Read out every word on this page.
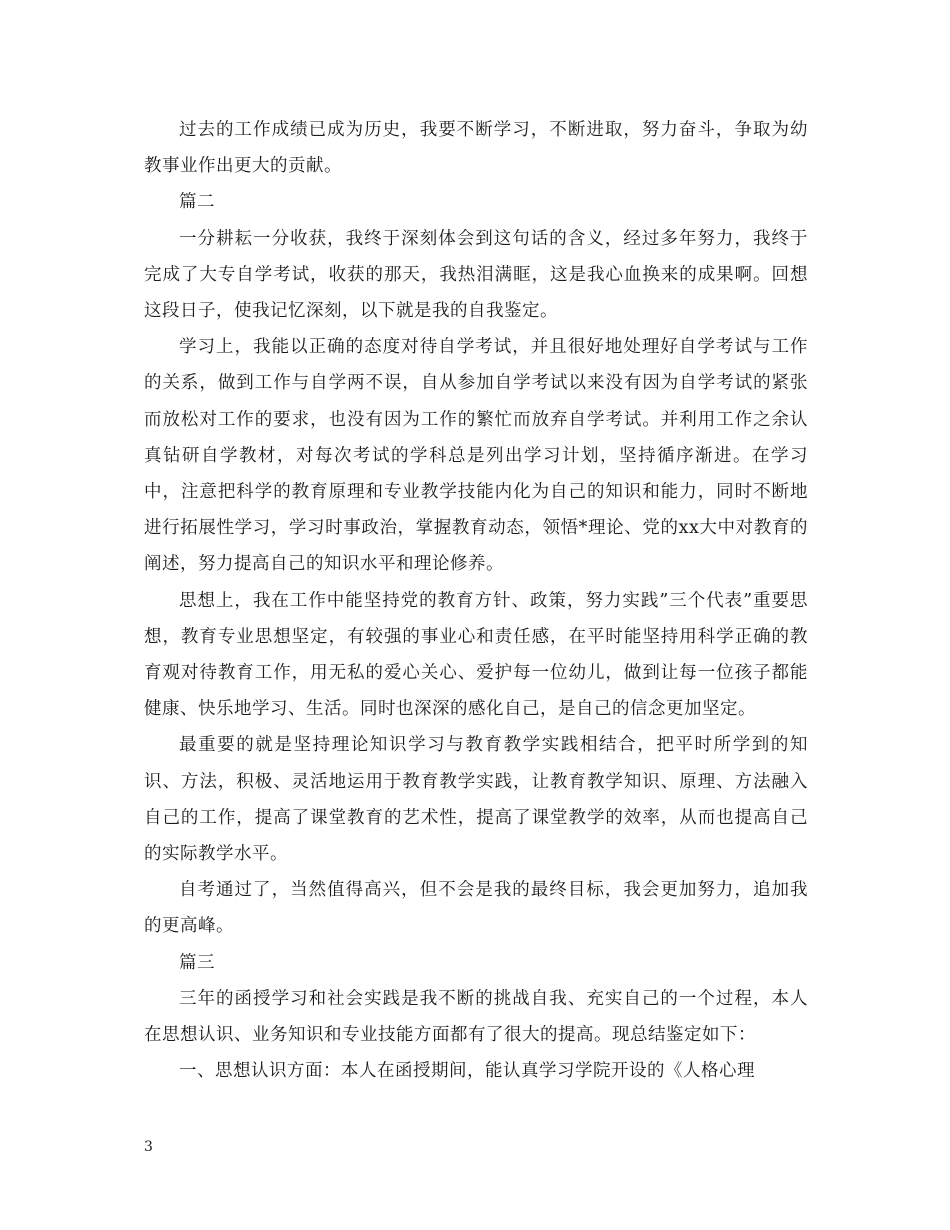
过去的工作成绩已成为历史，我要不断学习，不断进取，努力奋斗，争取为幼教事业作出更大的贡献。

篇二

一分耕耘一分收获，我终于深刻体会到这句话的含义，经过多年努力，我终于完成了大专自学考试，收获的那天，我热泪满眶，这是我心血换来的成果啊。回想这段日子，使我记忆深刻，以下就是我的自我鉴定。

学习上，我能以正确的态度对待自学考试，并且很好地处理好自学考试与工作的关系，做到工作与自学两不误，自从参加自学考试以来没有因为自学考试的紧张而放松对工作的要求，也没有因为工作的繁忙而放弃自学考试。并利用工作之余认真钻研自学教材，对每次考试的学科总是列出学习计划，坚持循序渐进。在学习中，注意把科学的教育原理和专业教学技能内化为自己的知识和能力，同时不断地进行拓展性学习，学习时事政治，掌握教育动态，领悟*理论、党的xx大中对教育的阐述，努力提高自己的知识水平和理论修养。

思想上，我在工作中能坚持党的教育方针、政策，努力实践”三个代表”重要思想，教育专业思想坚定，有较强的事业心和责任感，在平时能坚持用科学正确的教育观对待教育工作，用无私的爱心关心、爱护每一位幼儿，做到让每一位孩子都能健康、快乐地学习、生活。同时也深深的感化自己，是自己的信念更加坚定。

最重要的就是坚持理论知识学习与教育教学实践相结合，把平时所学到的知识、方法，积极、灵活地运用于教育教学实践，让教育教学知识、原理、方法融入自己的工作，提高了课堂教育的艺术性，提高了课堂教学的效率，从而也提高自己的实际教学水平。

自考通过了，当然值得高兴，但不会是我的最终目标，我会更加努力，追加我的更高峰。

篇三

三年的函授学习和社会实践是我不断的挑战自我、充实自己的一个过程，本人在思想认识、业务知识和专业技能方面都有了很大的提高。现总结鉴定如下：

一、思想认识方面：本人在函授期间，能认真学习学院开设的《人格心理

3
